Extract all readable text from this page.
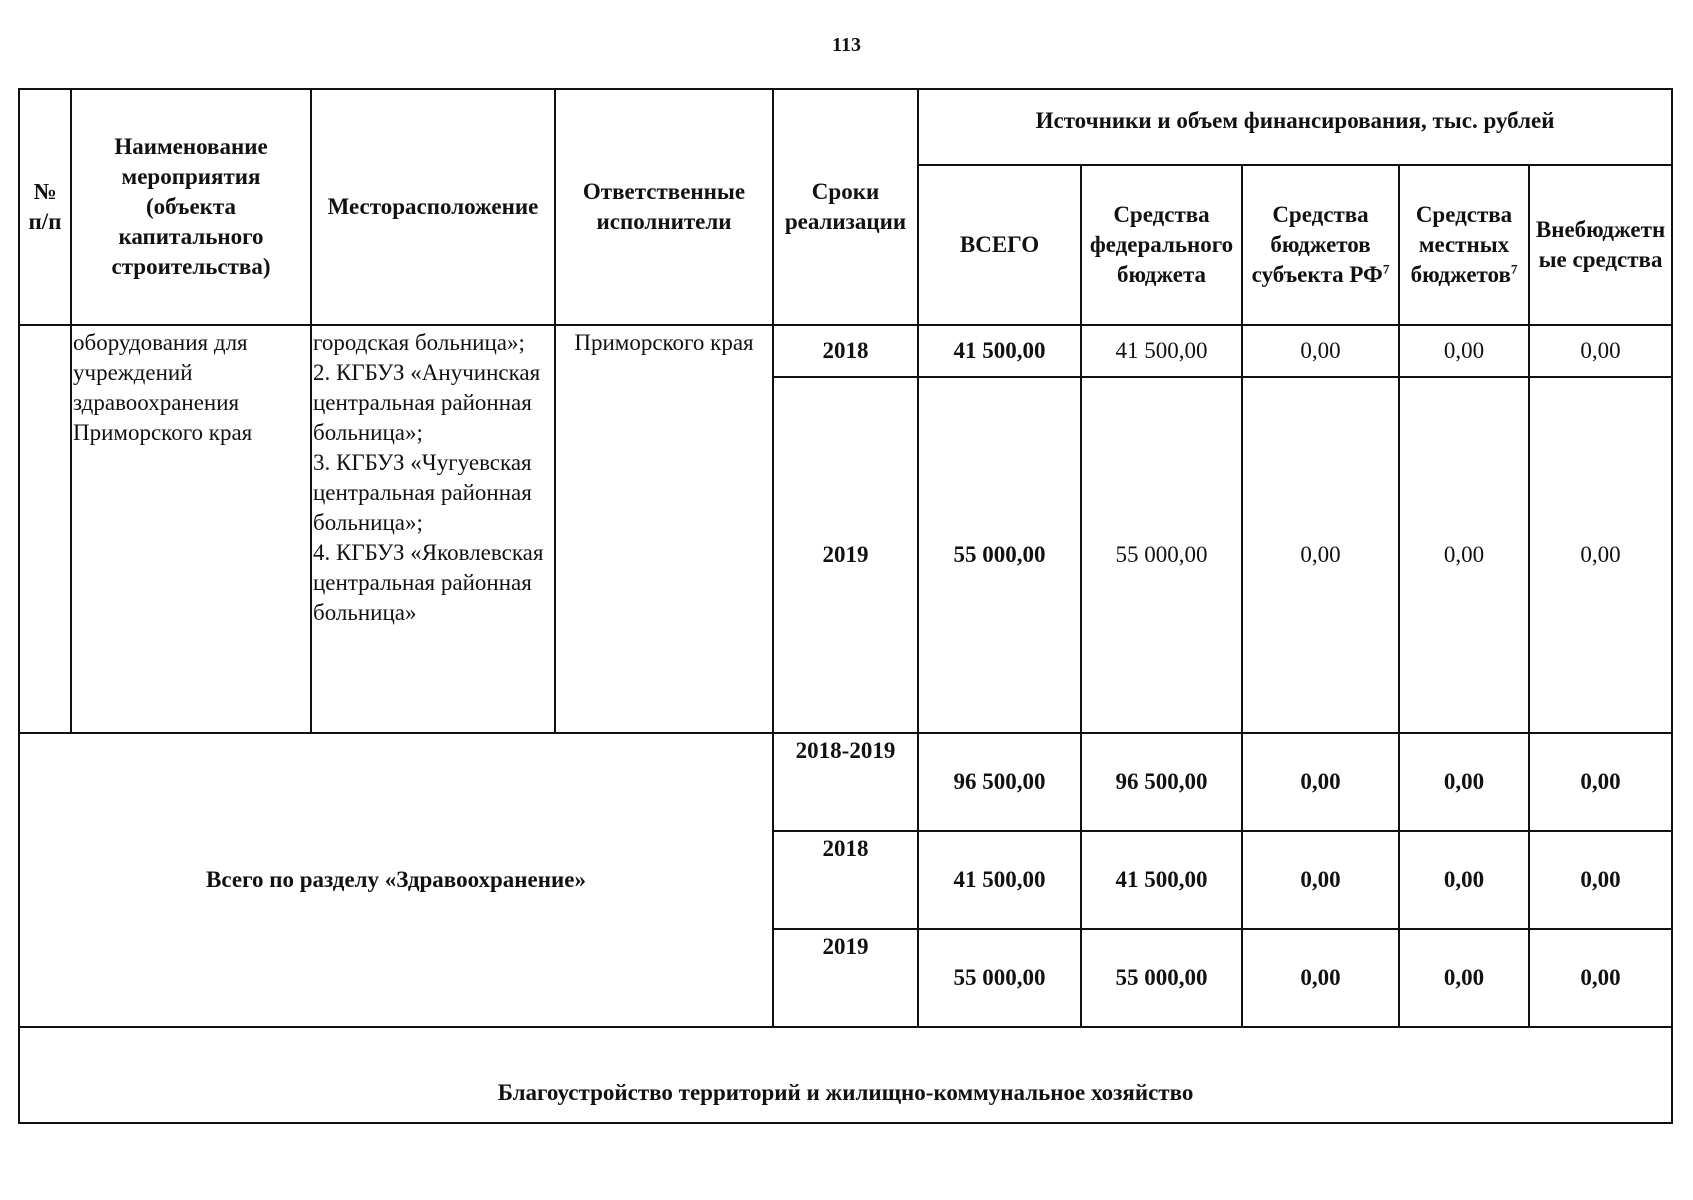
113
№ п/п	Наименование мероприятия (объекта капитального строительства)	Месторасположение	Ответственные исполнители	Сроки реализации	Источники и объем финансирования, тыс. рублей				
					ВСЕГО	Средства федерального бюджета	Средства бюджетов субъекта $РФ^7$	Средства местных бюджетов$^7$	Внебюджетные средства
	оборудования для учреждений здравоохранения Приморского края	городская больница»;
2. КГБУЗ «Анучинская центральная районная больница»;
3. КГБУЗ «Чугуевская центральная районная больница»;
4. КГБУЗ «Яковлевская центральная районная больница»	Приморского края	2018	41 500,00	41 500,00	0,00	0,00	0,00
				2019	55 000,00	55 000,00	0,00	0,00	0,00
Всего по разделу «Здравоохранение»				2018-2019	96 500,00	96 500,00	0,00	0,00	0,00
				2018	41 500,00	41 500,00	0,00	0,00	0,00
				2019	55 000,00	55 000,00	0,00	0,00	0,00
Благоустройство территорий и жилищно-коммунальное хозяйство									
